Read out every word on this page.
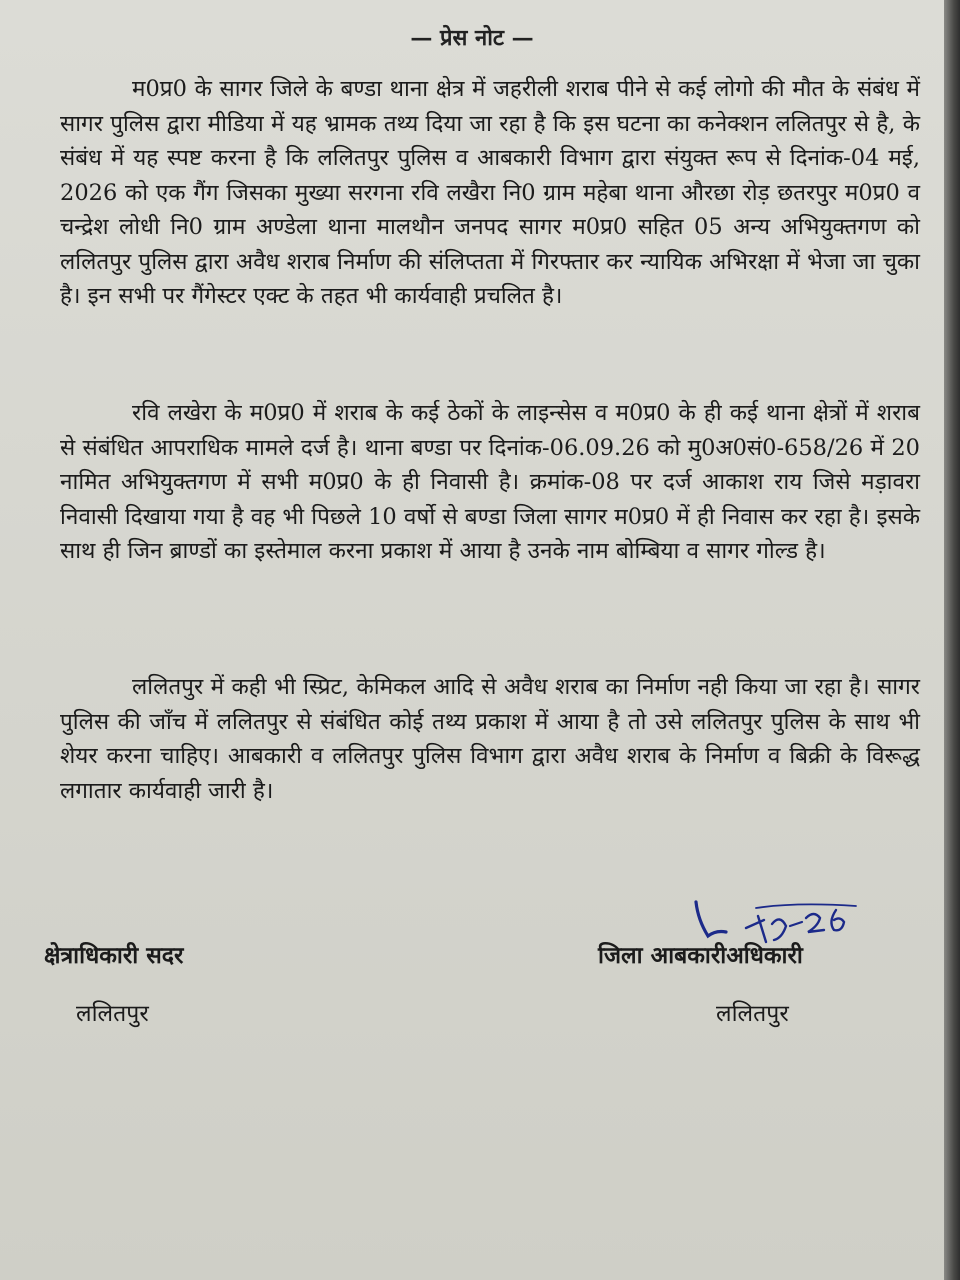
— प्रेस नोट —
म0प्र0 के सागर जिले के बण्डा थाना क्षेत्र में जहरीली शराब पीने से कई लोगो की मौत के संबंध में सागर पुलिस द्वारा मीडिया में यह भ्रामक तथ्य दिया जा रहा है कि इस घटना का कनेक्शन ललितपुर से है, के संबंध में यह स्पष्ट करना है कि ललितपुर पुलिस व आबकारी विभाग द्वारा संयुक्त रूप से दिनांक-04 मई, 2026 को एक गैंग जिसका मुख्या सरगना रवि लखैरा नि0 ग्राम महेबा थाना औरछा रोड़ छतरपुर म0प्र0 व चन्द्रेश लोधी नि0 ग्राम अण्डेला थाना मालथौन जनपद सागर म0प्र0 सहित 05 अन्य अभियुक्तगण को ललितपुर पुलिस द्वारा अवैध शराब निर्माण की संलिप्तता में गिरफ्तार कर न्यायिक अभिरक्षा में भेजा जा चुका है। इन सभी पर गैंगेस्टर एक्ट के तहत भी कार्यवाही प्रचलित है।
रवि लखेरा के म0प्र0 में शराब के कई ठेकों के लाइन्सेस व म0प्र0 के ही कई थाना क्षेत्रों में शराब से संबंधित आपराधिक मामले दर्ज है। थाना बण्डा पर दिनांक-06.09.26 को मु0अ0सं0-658/26 में 20 नामित अभियुक्तगण में सभी म0प्र0 के ही निवासी है। क्रमांक-08 पर दर्ज आकाश राय जिसे मड़ावरा निवासी दिखाया गया है वह भी पिछले 10 वर्षो से बण्डा जिला सागर म0प्र0 में ही निवास कर रहा है। इसके साथ ही जिन ब्राण्डों का इस्तेमाल करना प्रकाश में आया है उनके नाम बोम्बिया व सागर गोल्ड है।
ललितपुर में कही भी स्प्रिट, केमिकल आदि से अवैध शराब का निर्माण नही किया जा रहा है। सागर पुलिस की जाँच में ललितपुर से संबंधित कोई तथ्य प्रकाश में आया है तो उसे ललितपुर पुलिस के साथ भी शेयर करना चाहिए। आबकारी व ललितपुर पुलिस विभाग द्वारा अवैध शराब के निर्माण व बिक्री के विरूद्ध लगातार कार्यवाही जारी है।
क्षेत्राधिकारी सदर
ललितपुर
जिला आबकारीअधिकारी
ललितपुर
